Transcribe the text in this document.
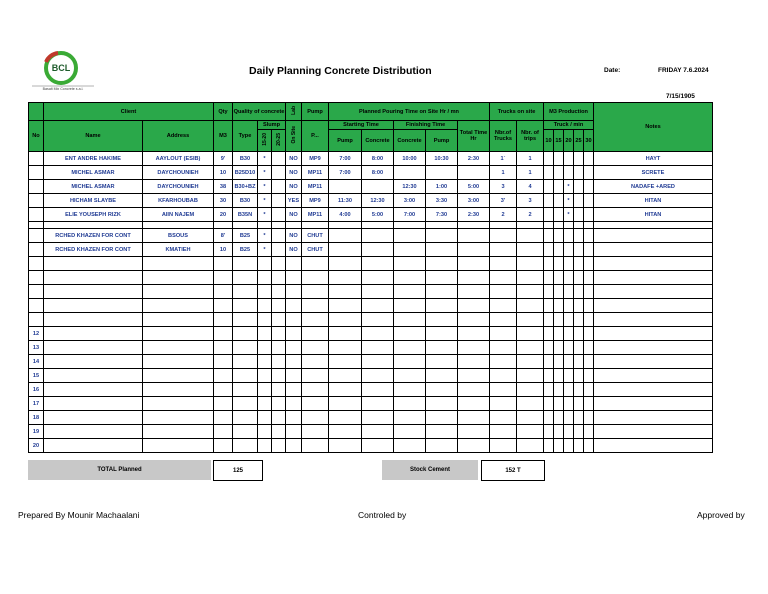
BCL
Basalt Mix Concrete s.a.l.
Daily Planning Concrete Distribution	Date:	FRIDAY 7.6.2024
7/15/1905
	Client		Qty	Quality of concrete			Lab	Pump	Planned Pouring Time on Site Hr / mn					Trucks on site		M3 Production					Notes
No	Name	Address	M3	Type	Slump		On Site	P...	Starting Time		Finishing Time		Total Time Hr	Nbr.of Trucks	Nbr. of trips	Truck / min					
					15-20	20-25			Pump	Concrete	Concrete	Pump				10	15	20	25	30	
	ENT ANDRE HAKIME	AAYLOUT (ESIB)	9'	B30	*		NO	MP9	7:00	8:00	10:00	10:30	2:30	1`	1						HAYT
	MICHEL ASMAR	DAYCHOUNIEH	10	B25D10	*		NO	MP11	7:00	8:00				1	1						SCRETE
	MICHEL ASMAR	DAYCHOUNIEH	38	B30+BZ	*		NO	MP11			12:30	1:00	5:00	3	4			*			NADAFE +ARED
	HICHAM SLAYBE	KFARHOUBAB	30	B30	*		YES	MP9	11:30	12:30	3:00	3:30	3:00	3'	3			*			HITAN
	ELIE YOUSEPH RIZK	AIIN NAJEM	20	B35N	*		NO	MP11	4:00	5:00	7:00	7:30	2:30	2	2			*			HITAN

	RCHED KHAZEN FOR CONT	BSOUS	8'	B25	*		NO	CHUT													
	RCHED KHAZEN FOR CONT	KMATIEH	10	B25	*		NO	CHUT													

12																					
13																					
14																					
15																					
16																					
17																					
18																					
19																					
20																					
TOTAL Planned	125	Stock Cement	152 T
Prepared By Mounir Machaalani	Controled by	Approved by
